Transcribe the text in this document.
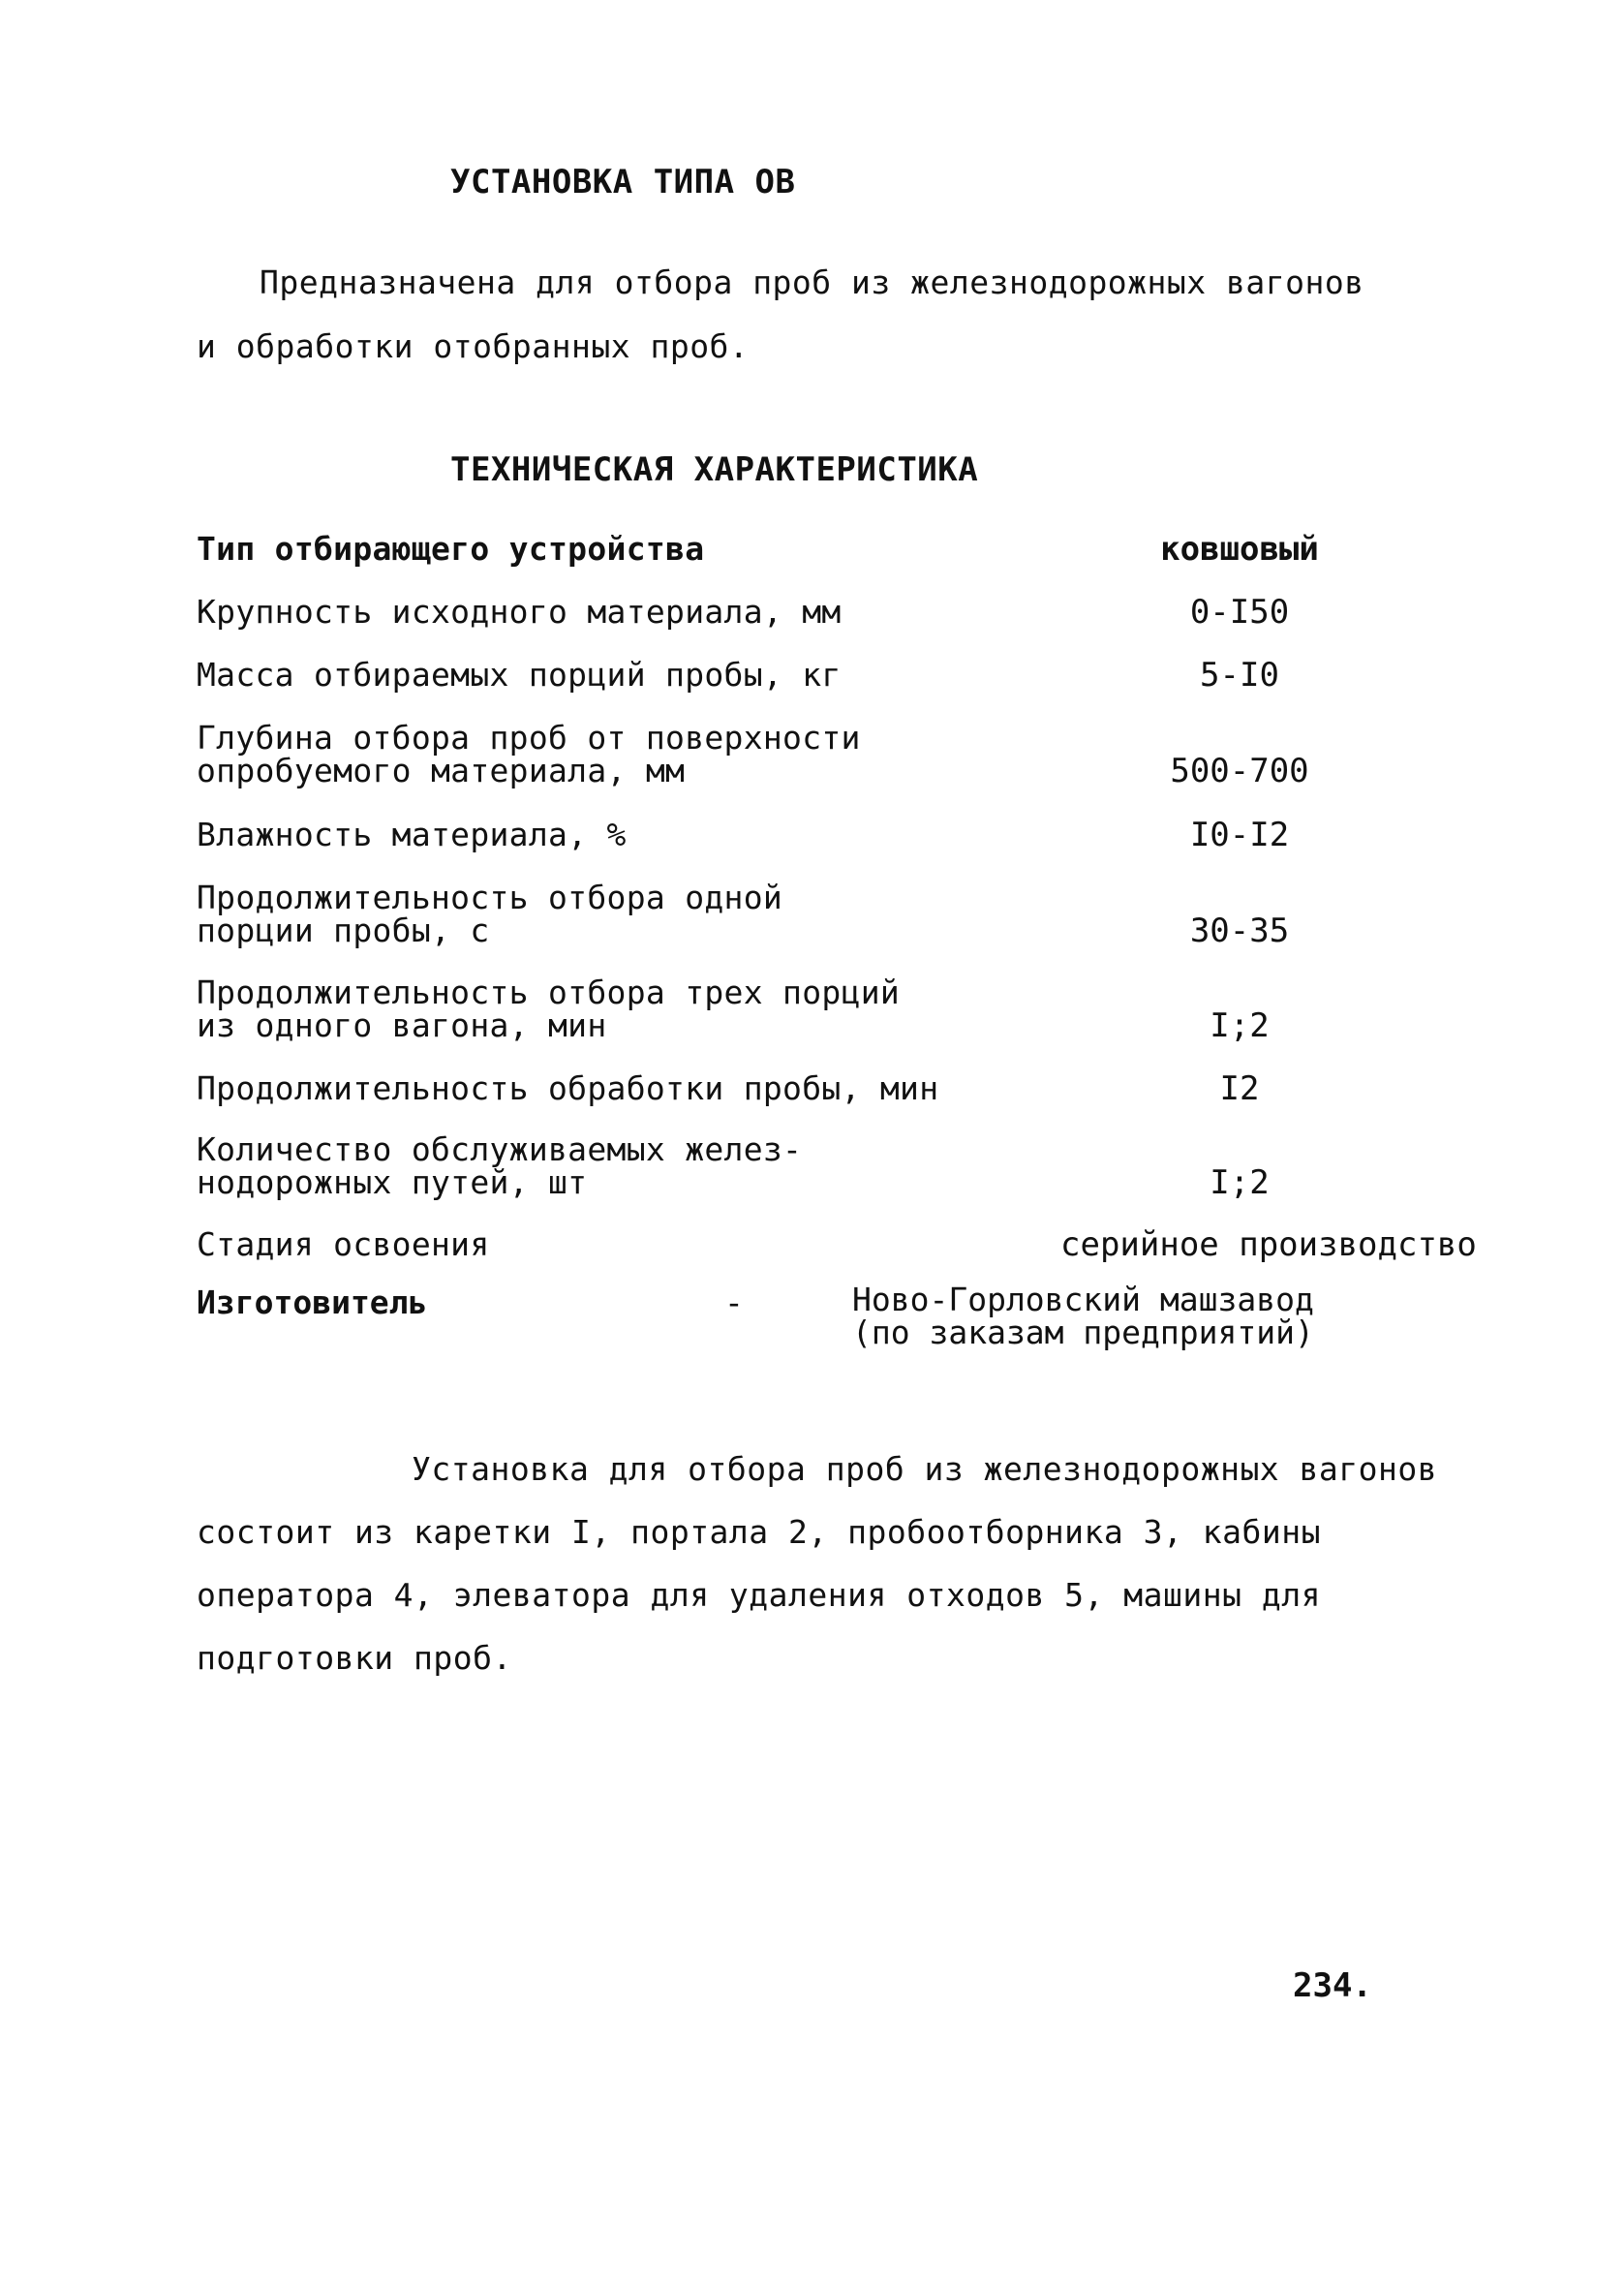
УСТАНОВКА ТИПА ОВ
Предназначена для отбора проб из железнодорожных вагонов
и обработки отобранных проб.
ТЕХНИЧЕСКАЯ ХАРАКТЕРИСТИКА
Тип отбирающего устройства	ковшовый
Крупность исходного материала, мм	0-I50
Масса отбираемых порций пробы, кг	5-I0
Глубина отбора проб от поверхности
опробуемого материала, мм	500-700
Влажность материала, %	I0-I2
Продолжительность отбора одной
порции пробы, с	30-35
Продолжительность отбора трех порций
из одного вагона, мин	I;2
Продолжительность обработки пробы, мин	I2
Количество обслуживаемых желез-
нодорожных путей, шт	I;2
Стадия освоения	серийное производство
Изготовитель	-	Ново-Горловский машзавод
(по заказам предприятий)
Установка для отбора проб из железнодорожных вагонов
состоит из каретки I, портала 2, пробоотборника 3, кабины
оператора 4, элеватора для удаления отходов 5, машины для
подготовки проб.
234.
